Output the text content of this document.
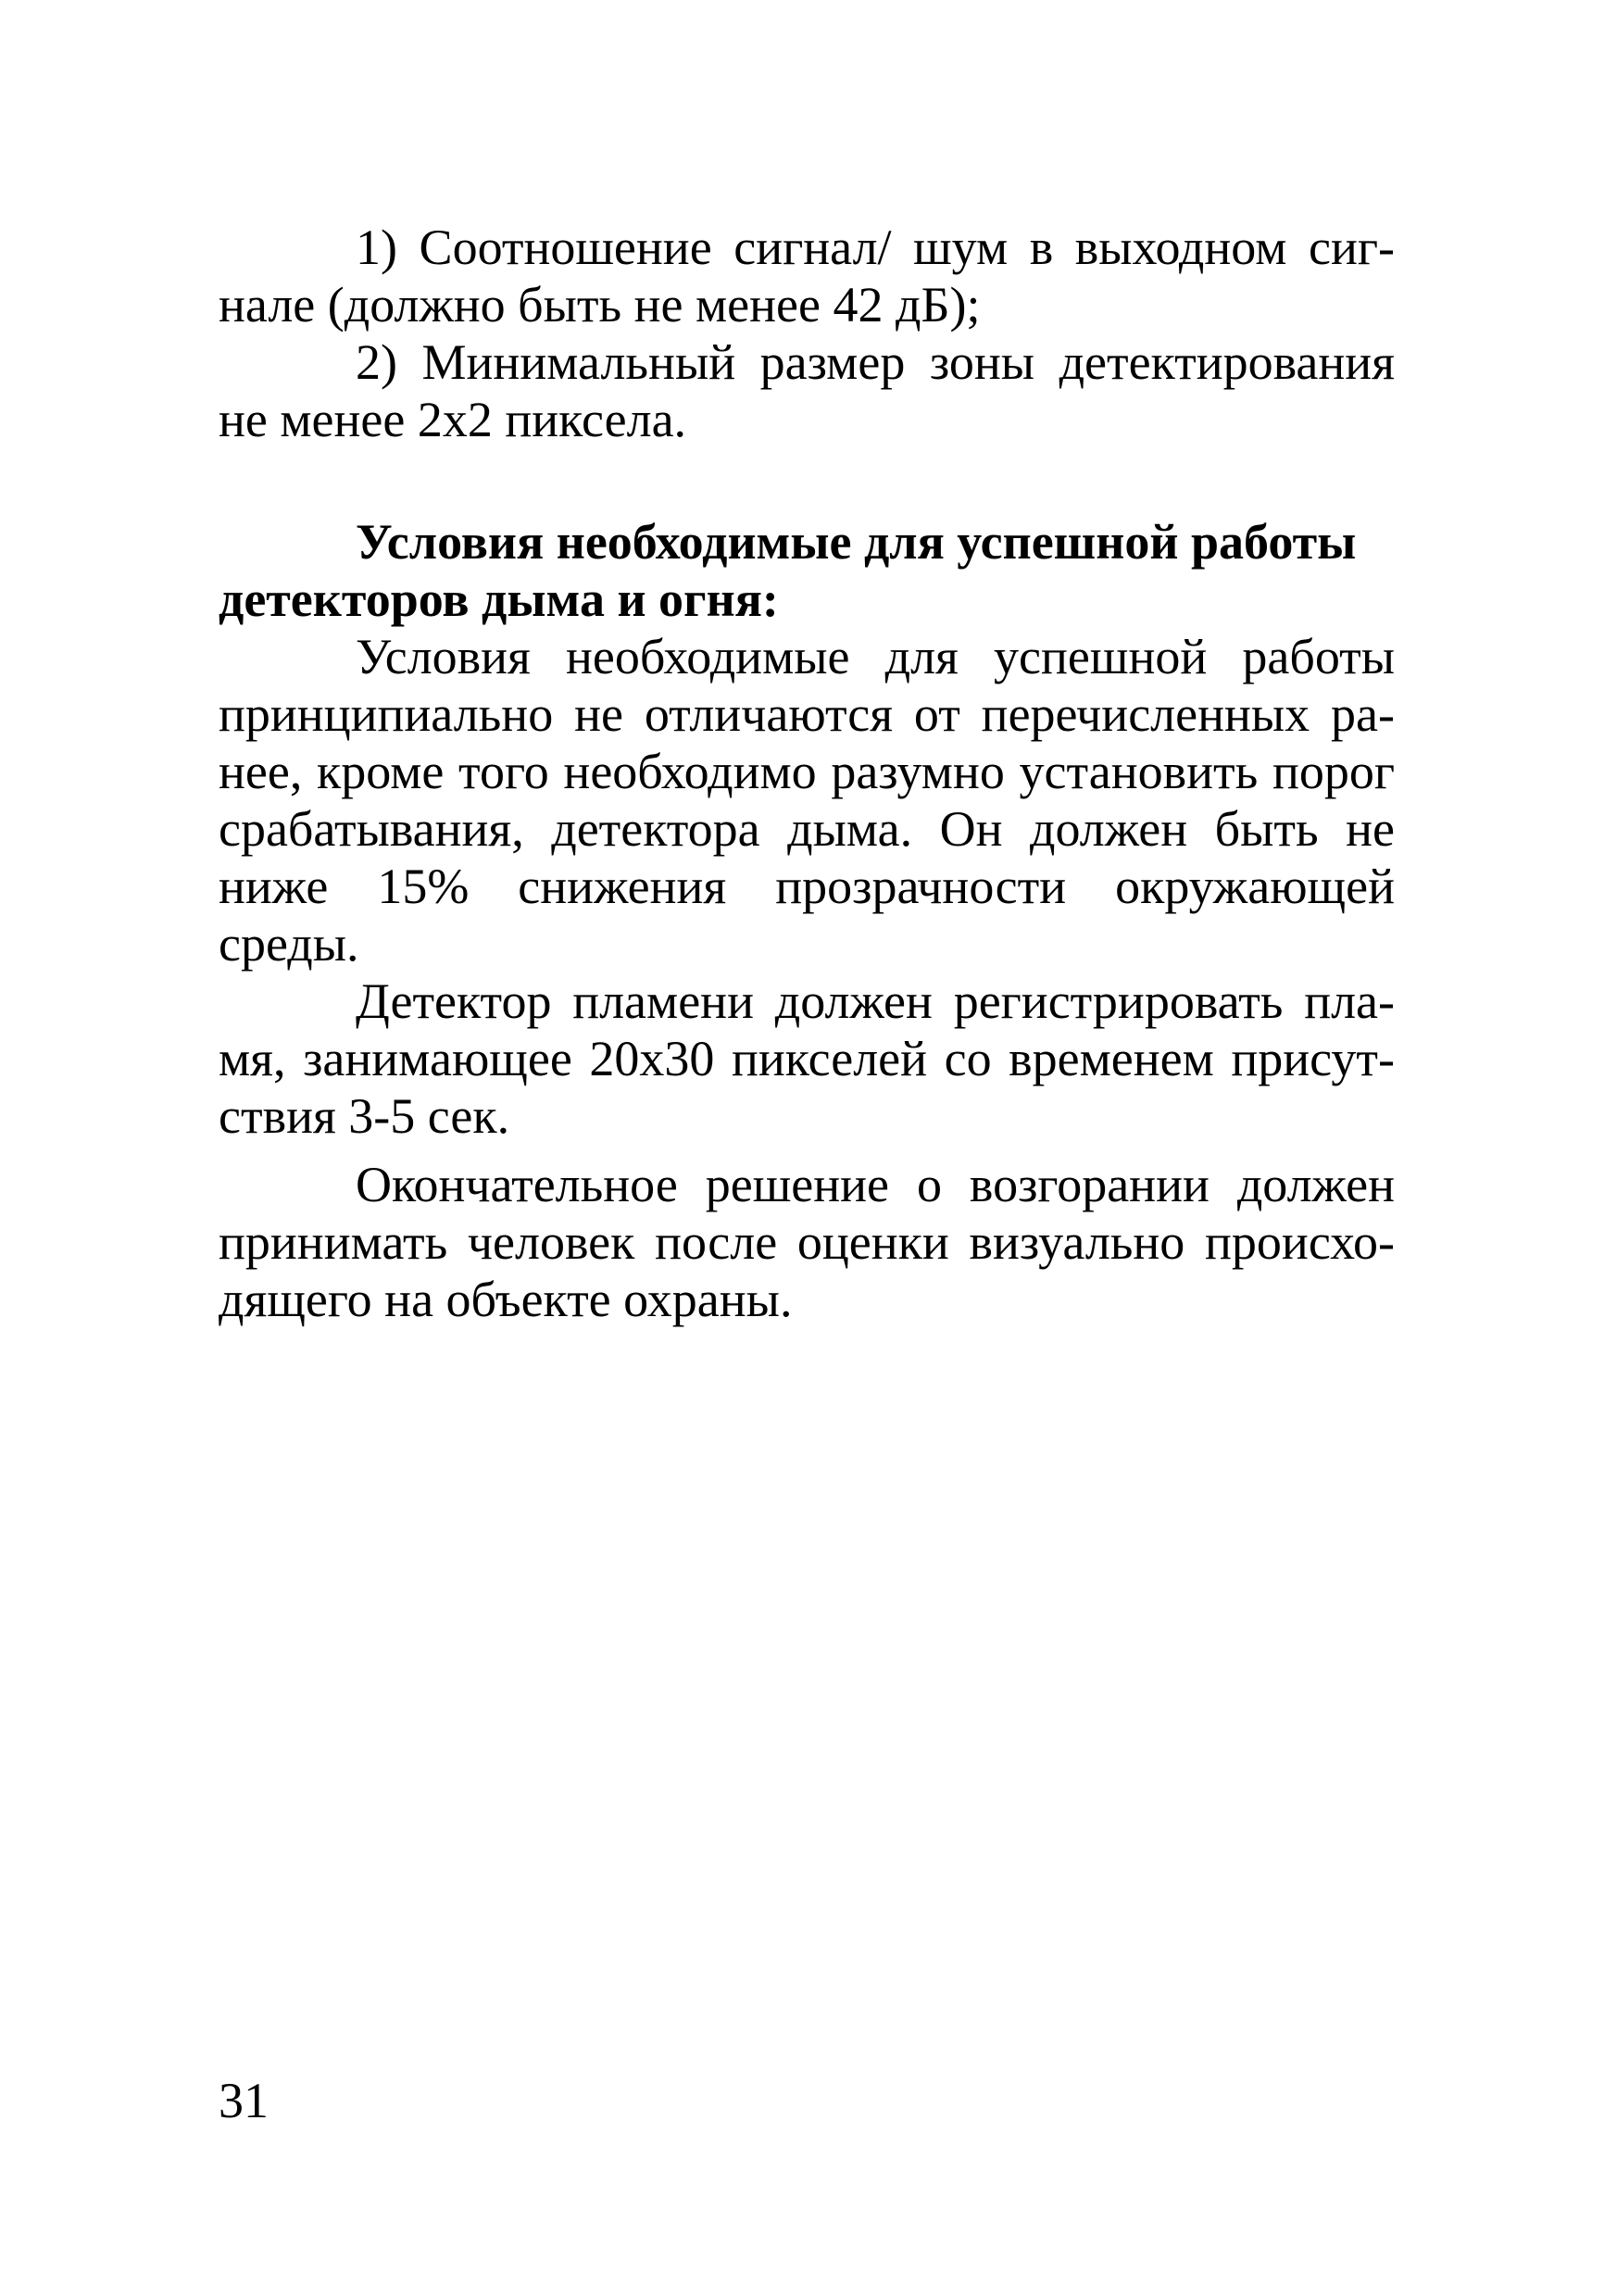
1) Соотношение сигнал/ шум в выходном сигнале (должно быть не менее 42 дБ);

2) Минимальный размер зоны детектирования не менее 2х2 пиксела.

Условия необходимые для успешной работы детекторов дыма и огня:

Условия необходимые для успешной работы принципиально не отличаются от перечисленных ранее, кроме того необходимо разумно установить порог срабатывания, детектора дыма. Он должен быть не ниже 15% снижения прозрачности окружающей среды.

Детектор пламени должен регистрировать пламя, занимающее 20х30 пикселей со временем присутствия 3-5 сек.

Окончательное решение о возгорании должен принимать человек после оценки визуально происходящего на объекте охраны.

31
